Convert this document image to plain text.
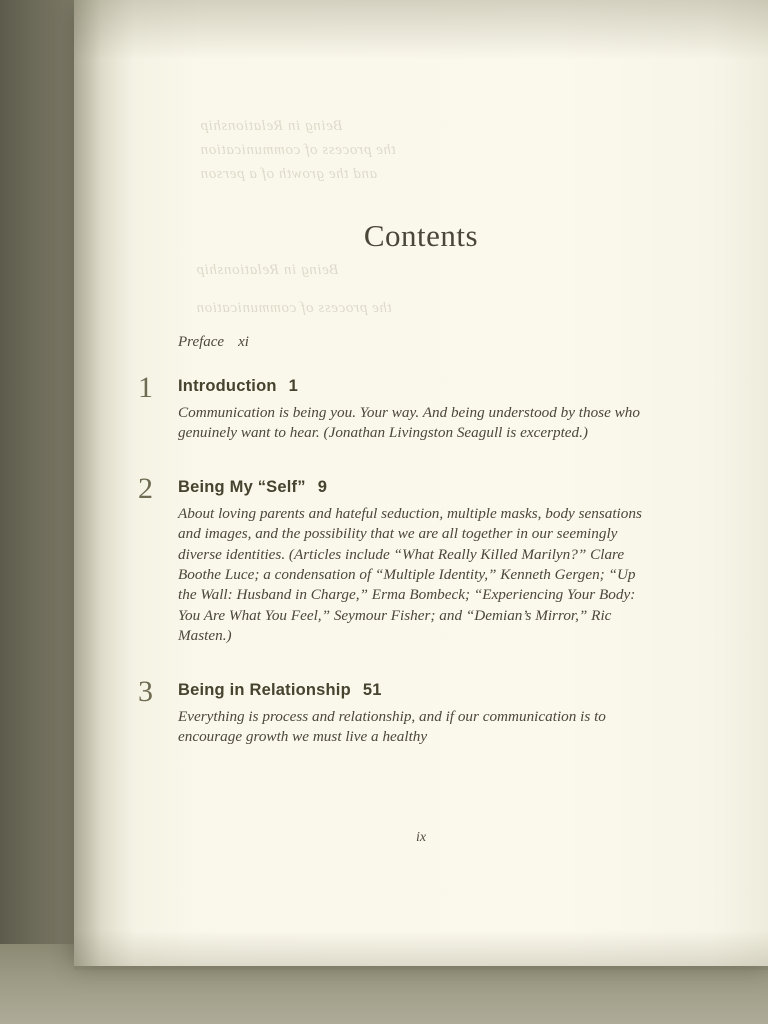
Being in Relationship
the process of communication
and the growth of a person
Being in Relationship
the process of communication
Contents
Preface xi
1 Introduction 1
Communication is being you. Your way. And being understood by those who genuinely want to hear. (Jonathan Livingston Seagull is excerpted.)
2 Being My “Self” 9
About loving parents and hateful seduction, multiple masks, body sensations and images, and the possibility that we are all together in our seemingly diverse identities. (Articles include “What Really Killed Marilyn?” Clare Boothe Luce; a condensation of “Multiple Identity,” Kenneth Gergen; “Up the Wall: Husband in Charge,” Erma Bombeck; “Experiencing Your Body: You Are What You Feel,” Seymour Fisher; and “Demian’s Mirror,” Ric Masten.)
3 Being in Relationship 51
Everything is process and relationship, and if our communication is to encourage growth we must live a healthy
ix
